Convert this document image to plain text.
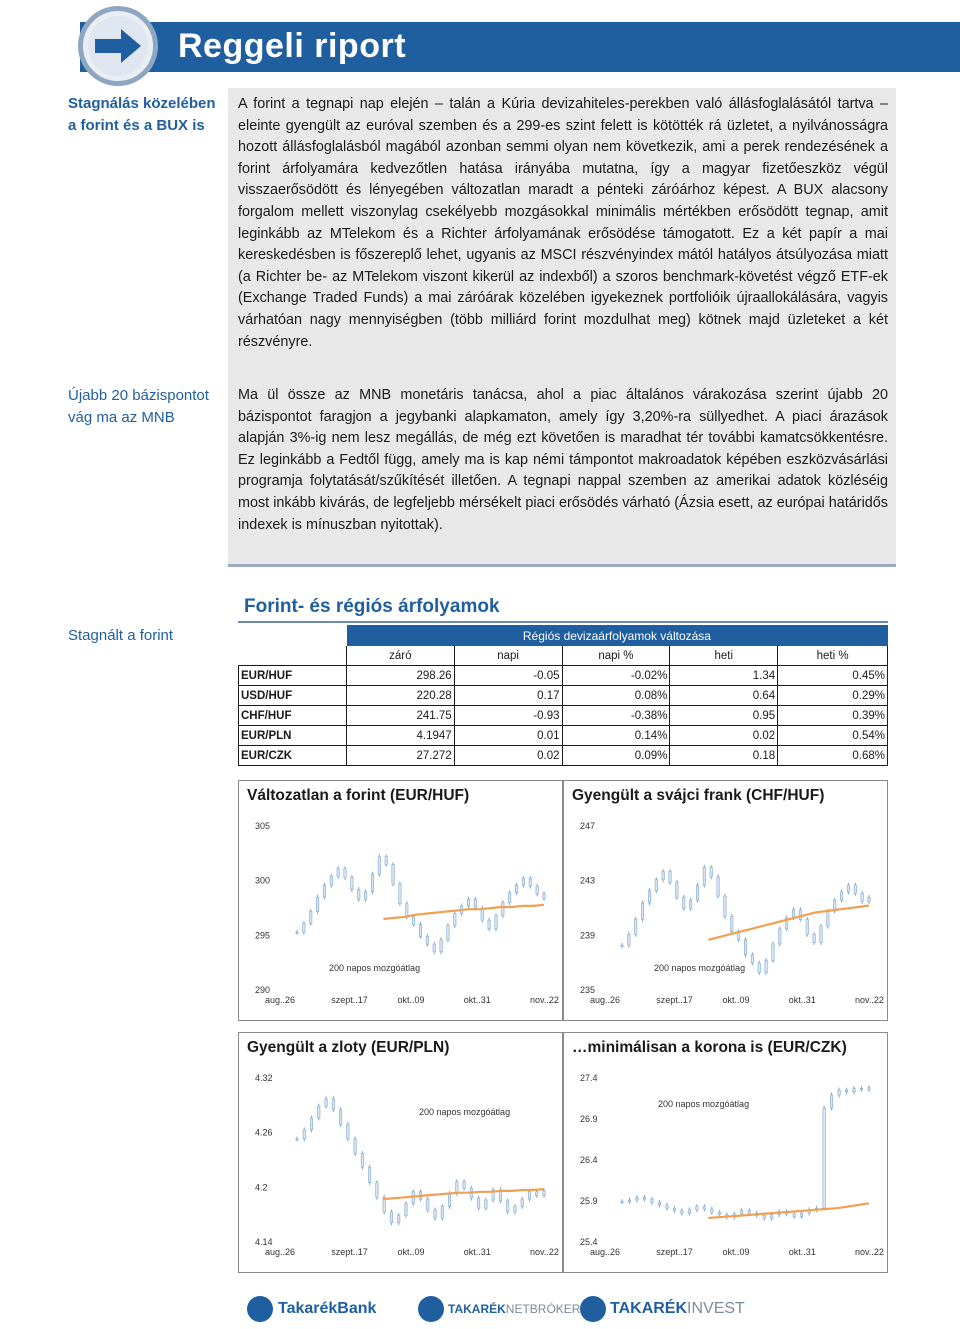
Reggeli riport
Stagnálás közelében a forint és a BUX is
Újabb 20 bázispontot vág ma az MNB
A forint a tegnapi nap elején – talán a Kúria devizahiteles-perekben való állásfoglalásától tartva – eleinte gyengült az euróval szemben és a 299-es szint felett is kötötték rá üzletet, a nyilvánosságra hozott állásfoglalásból magából azonban semmi olyan nem következik, ami a perek rendezésének a forint árfolyamára kedvezőtlen hatása irányába mutatna, így a magyar fizetőeszköz végül visszaerősödött és lényegében változatlan maradt a pénteki záróárhoz képest. A BUX alacsony forgalom mellett viszonylag csekélyebb mozgásokkal minimális mértékben erősödött tegnap, amit leginkább az MTelekom és a Richter árfolyamának erősödése támogatott. Ez a két papír a mai kereskedésben is főszereplő lehet, ugyanis az MSCI részvényindex mától hatályos átsúlyozása miatt (a Richter be- az MTelekom viszont kikerül az indexből) a szoros benchmark-követést végző ETF-ek (Exchange Traded Funds) a mai záróárak közelében igyekeznek portfolióik újraallokálására, vagyis várhatóan nagy mennyiségben (több milliárd forint mozdulhat meg) kötnek majd üzleteket a két részvényre.
Ma ül össze az MNB monetáris tanácsa, ahol a piac általános várakozása szerint újabb 20 bázispontot faragjon a jegybanki alapkamaton, amely így 3,20%-ra süllyedhet. A piaci árazások alapján 3%-ig nem lesz megállás, de még ezt követően is maradhat tér további kamatcsökkentésre. Ez leginkább a Fedtől függ, amely ma is kap némi támpontot makroadatok képében eszközvásárlási programja folytatását/szűkítését illetően. A tegnapi nappal szemben az amerikai adatok közléséig most inkább kivárás, de legfeljebb mérsékelt piaci erősödés várható (Ázsia esett, az európai határidős indexek is mínuszban nyitottak).
Stagnált a forint
Forint- és régiós árfolyamok
	Régiós devizaárfolyamok változása				
	záró	napi	napi %	heti	heti %
EUR/HUF	298.26	-0.05	-0.02%	1.34	0.45%
USD/HUF	220.28	0.17	0.08%	0.64	0.29%
CHF/HUF	241.75	-0.93	-0.38%	0.95	0.39%
EUR/PLN	4.1947	0.01	0.14%	0.02	0.54%
EUR/CZK	27.272	0.02	0.09%	0.18	0.68%
Változatlan a forint (EUR/HUF)
305
300
295
290
aug..26	szept..17	okt..09	okt..31	nov..22
200 napos mozgóátlag
Gyengült a svájci frank (CHF/HUF)
247
243
239
235
aug..26	szept..17	okt..09	okt..31	nov..22
200 napos mozgóátlag
Gyengült a zloty (EUR/PLN)
4.32
4.26
4.2
4.14
aug..26	szept..17	okt..09	okt..31	nov..22
200 napos mozgóátlag
…minimálisan a korona is (EUR/CZK)
27.4
26.9
26.4
25.9
25.4
aug..26	szept..17	okt..09	okt..31	nov..22
200 napos mozgóátlag
TakarékBank	TAKARÉKNETBRÓKER TAKARÉKINVEST
